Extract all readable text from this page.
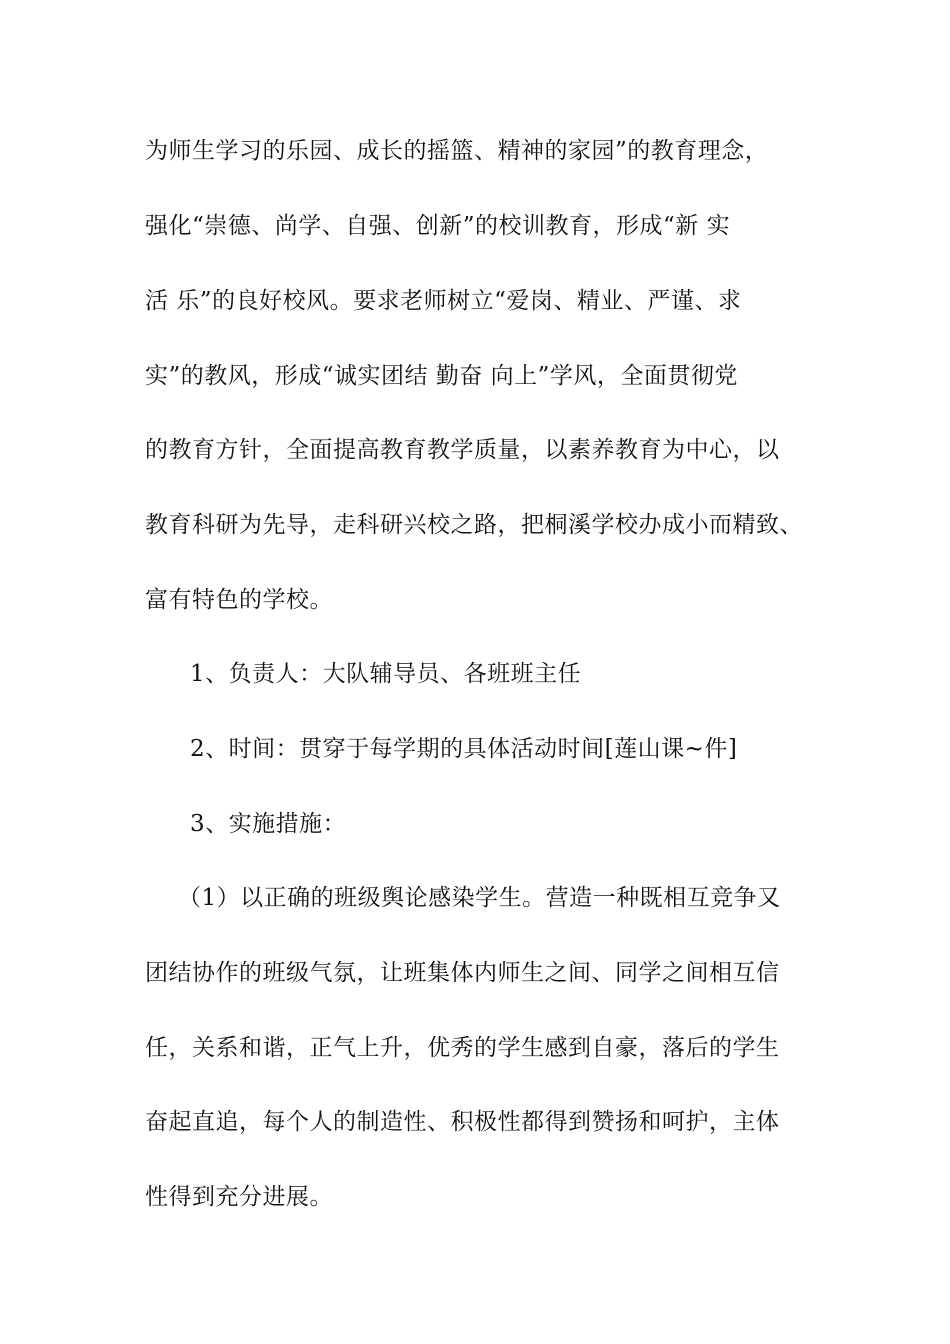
为师生学习的乐园、成长的摇篮、精神的家园”的教育理念，
强化“崇德、尚学、自强、创新”的校训教育，形成“新 实
活 乐”的良好校风。要求老师树立“爱岗、精业、严谨、求
实”的教风，形成“诚实团结 勤奋 向上”学风，全面贯彻党
的教育方针，全面提高教育教学质量，以素养教育为中心，以
教育科研为先导，走科研兴校之路，把桐溪学校办成小而精致、
富有特色的学校。
1、负责人：大队辅导员、各班班主任
2、时间：贯穿于每学期的具体活动时间[莲山课~件]
3、实施措施：
（1）以正确的班级舆论感染学生。营造一种既相互竞争又
团结协作的班级气氛，让班集体内师生之间、同学之间相互信
任，关系和谐，正气上升，优秀的学生感到自豪，落后的学生
奋起直追，每个人的制造性、积极性都得到赞扬和呵护，主体
性得到充分进展。
